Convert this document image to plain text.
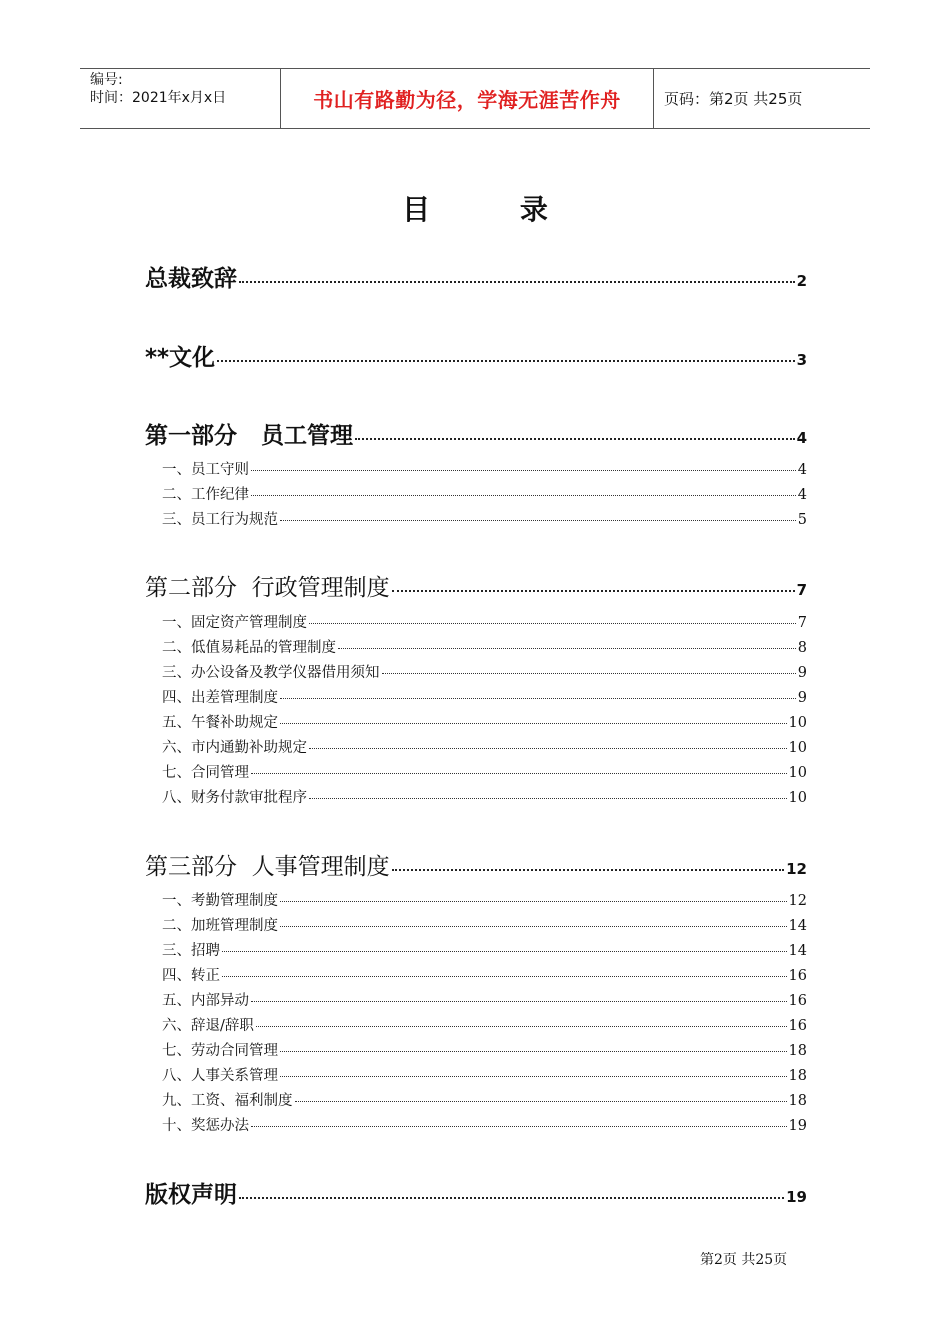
编号:
时间：2021年x月x日	书山有路勤为径，学海无涯苦作舟	页码：第2页 共25页
目 录
总裁致辞	2
**文化	3
第一部分   员工管理	4
一、员工守则	4
二、工作纪律	4
三、员工行为规范	5
第二部分  行政管理制度	7
一、固定资产管理制度	7
二、低值易耗品的管理制度	8
三、办公设备及教学仪器借用须知	9
四、出差管理制度	9
五、午餐补助规定	10
六、市内通勤补助规定	10
七、合同管理	10
八、财务付款审批程序	10
第三部分  人事管理制度	12
一、考勤管理制度	12
二、加班管理制度	14
三、招聘	14
四、转正	16
五、内部异动	16
六、辞退/辞职	16
七、劳动合同管理	18
八、人事关系管理	18
九、工资、福利制度	18
十、奖惩办法	19
版权声明	19
第2页 共25页
